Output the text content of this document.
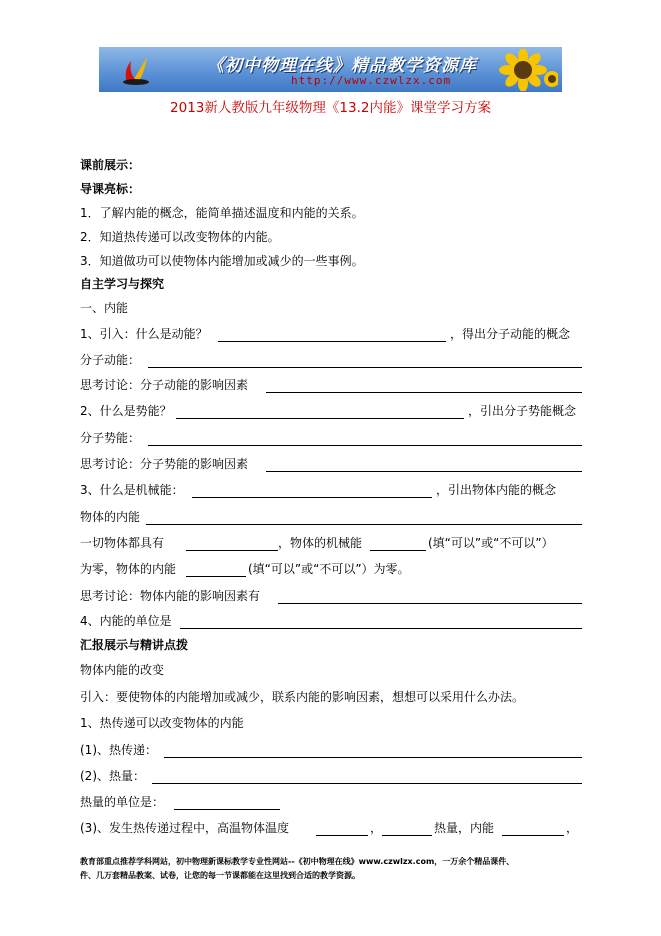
《初中物理在线》精品教学资源库
http://www.czwlzx.com
2013新人教版九年级物理《13.2内能》课堂学习方案
课前展示：
导课亮标：
1．了解内能的概念，能简单描述温度和内能的关系。
2．知道热传递可以改变物体的内能。
3．知道做功可以使物体内能增加或减少的一些事例。
自主学习与探究
一、内能
1、引入：什么是动能？	，得出分子动能的概念
分子动能：
思考讨论：分子动能的影响因素
2、什么是势能？	，引出分子势能概念
分子势能：
思考讨论：分子势能的影响因素
3、什么是机械能：	，引出物体内能的概念
物体的内能
一切物体都具有	，物体的机械能	(填“可以”或“不可以”）
为零，物体的内能	(填“可以”或“不可以”）为零。
思考讨论：物体内能的影响因素有
4、内能的单位是
汇报展示与精讲点拨
物体内能的改变
引入：要使物体的内能增加或减少，联系内能的影响因素，想想可以采用什么办法。
1、热传递可以改变物体的内能
(1)、热传递：
(2)、热量：
热量的单位是：
(3)、发生热传递过程中，高温物体温度	，	热量，内能	，
教育部重点推荐学科网站，初中物理新课标教学专业性网站--《初中物理在线》www.czwlzx.com，一万余个精品课件、
件、几万套精品教案、试卷，让您的每一节课都能在这里找到合适的教学资源。
